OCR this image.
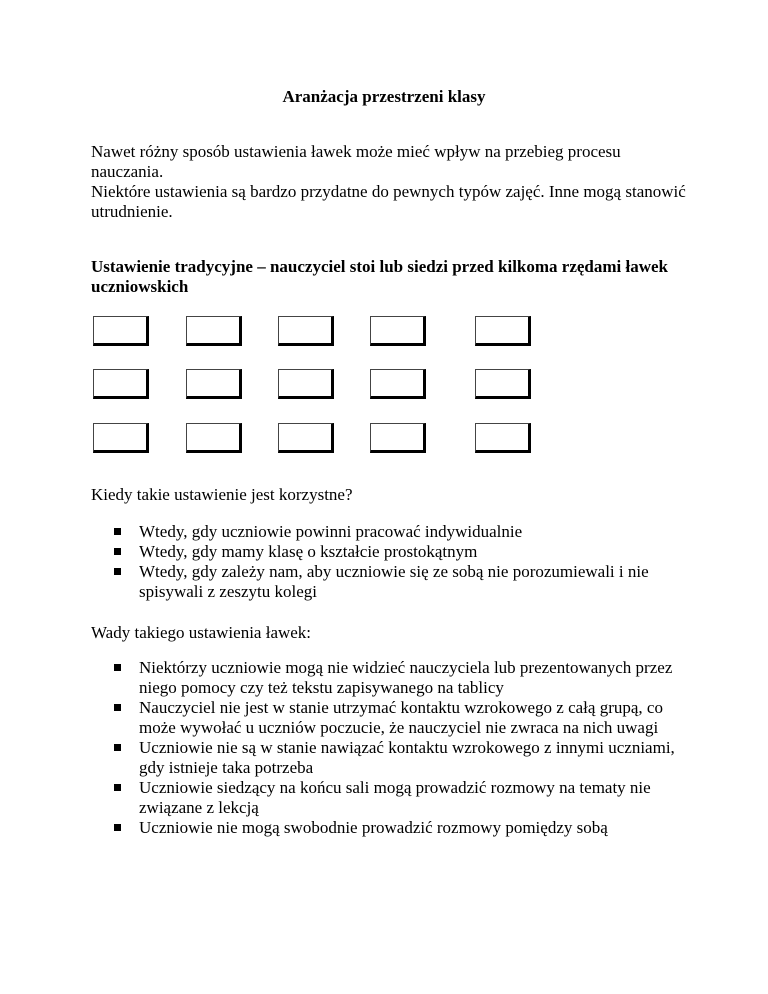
Aranżacja przestrzeni klasy

Nawet różny sposób ustawienia ławek może mieć wpływ na przebieg procesu nauczania.

Niektóre ustawienia są bardzo przydatne do pewnych typów zajęć. Inne mogą stanowić utrudnienie.

Ustawienie tradycyjne – nauczyciel stoi lub siedzi przed kilkoma rzędami ławek uczniowskich
Kiedy takie ustawienie jest korzystne?
Wtedy, gdy uczniowie powinni pracować indywidualnie
Wtedy, gdy mamy klasę o kształcie prostokątnym
Wtedy, gdy zależy nam, aby uczniowie się ze sobą nie porozumiewali i nie spisywali z zeszytu kolegi
Wady takiego ustawienia ławek:
Niektórzy uczniowie mogą nie widzieć nauczyciela lub prezentowanych przez niego pomocy czy też tekstu zapisywanego na tablicy
Nauczyciel nie jest w stanie utrzymać kontaktu wzrokowego z całą grupą, co może wywołać u uczniów poczucie, że nauczyciel nie zwraca na nich uwagi
Uczniowie nie są w stanie nawiązać kontaktu wzrokowego z innymi uczniami, gdy istnieje taka potrzeba
Uczniowie siedzący na końcu sali mogą prowadzić rozmowy na tematy nie związane z lekcją
Uczniowie nie mogą swobodnie prowadzić rozmowy pomiędzy sobą
